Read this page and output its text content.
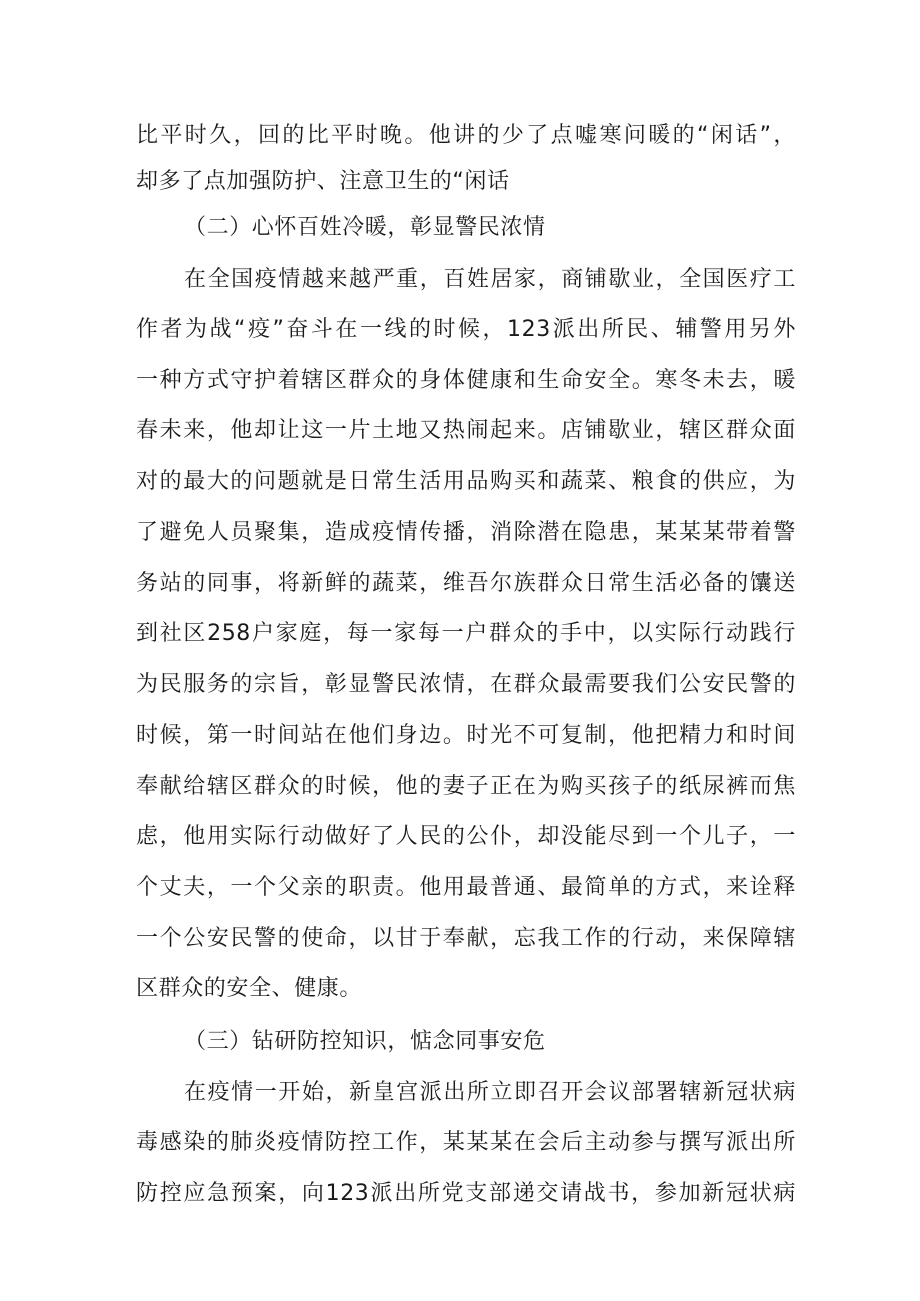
比平时久，回的比平时晚。他讲的少了点嘘寒问暖的“闲话”，
却多了点加强防护、注意卫生的“闲话
（二）心怀百姓冷暖，彰显警民浓情
在全国疫情越来越严重，百姓居家，商铺歇业，全国医疗工
作者为战“疫”奋斗在一线的时候，123派出所民、辅警用另外
一种方式守护着辖区群众的身体健康和生命安全。寒冬未去，暖
春未来，他却让这一片土地又热闹起来。店铺歇业，辖区群众面
对的最大的问题就是日常生活用品购买和蔬菜、粮食的供应，为
了避免人员聚集，造成疫情传播，消除潜在隐患，某某某带着警
务站的同事，将新鲜的蔬菜，维吾尔族群众日常生活必备的馕送
到社区258户家庭，每一家每一户群众的手中，以实际行动践行
为民服务的宗旨，彰显警民浓情，在群众最需要我们公安民警的
时候，第一时间站在他们身边。时光不可复制，他把精力和时间
奉献给辖区群众的时候，他的妻子正在为购买孩子的纸尿裤而焦
虑，他用实际行动做好了人民的公仆，却没能尽到一个儿子，一
个丈夫，一个父亲的职责。他用最普通、最简单的方式，来诠释
一个公安民警的使命，以甘于奉献，忘我工作的行动，来保障辖
区群众的安全、健康。
（三）钻研防控知识，惦念同事安危
在疫情一开始，新皇宫派出所立即召开会议部署辖新冠状病
毒感染的肺炎疫情防控工作，某某某在会后主动参与撰写派出所
防控应急预案，向123派出所党支部递交请战书，参加新冠状病
